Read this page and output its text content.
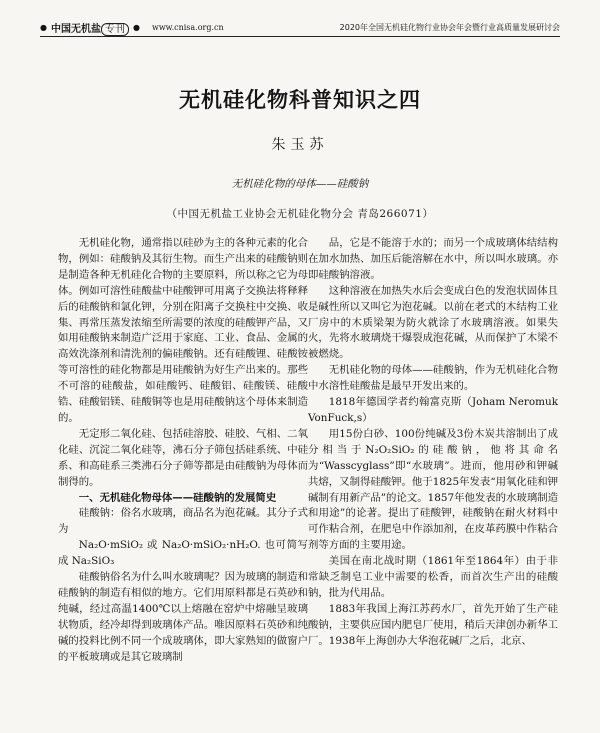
● 中国无机盐 专刊	● www.cnisa.org.cn	2020年全国无机硅化物行业协会年会暨行业高质量发展研讨会
无机硅化物科普知识之四
朱玉苏
无机硅化物的母体——硅酸钠
（中国无机盐工业协会无机硅化物分会 青岛266071）

无机硅化物，通常指以硅砂为主的各种元素的化合物，例如：硅酸钠及其衍生物。而生产出来的硅酸钠则是制造各种无机硅化合物的主要原料，所以称之它为母体。例如可溶性硅酸盐中硅酸钾可用离子交换法将释释后的硅酸钠和氯化钾，分别在阳离子交换柱中交换、收集、再常压蒸发浓缩至所需要的浓度的硅酸钾产品，又如用硅酸钠来制造广泛用于家庭、工业、食品、金属的高效洗涤剂和清洗剂的偏硅酸钠。还有硅酸锂、硅酸铵等可溶性的硅化物都是用硅酸钠为好生产出来的。那些不可溶的硅酸盐，如硅酸钙、硅酸铝、硅酸镁、硅酸锆、硅酸铝镁、硅酸铜等也是用硅酸钠这个母体来制造的。

无定形二氧化硅、包括硅溶胶、硅胶、气相、二氧化硅、沉淀二氧化硅等，沸石分子筛包括硅系统、中硅系、和高硅系三类沸石分子筛等都是由硅酸钠为母体而制得的。

一、无机硅化物母体——硅酸钠的发展简史

硅酸钠：俗名水玻璃，商品名为泡花碱。其分子式为

Na₂O·mSiO₂ 或 Na₂O·mSiO₂·nH₂O. 也可简写成 Na₂SiO₃

硅酸钠俗名为什么叫水玻璃呢？因为玻璃的制造和硅酸钠的制造有相似的地方。它们用原料都是石英砂和纯碱，经过高温1400℃以上熔融在窑炉中熔融呈玻璃状物质，经冷却得到玻璃体产品。唯因原料石英砂和纯碱的投料比例不同一个成玻璃体，即大家熟知的做窗户的平板玻璃或是其它玻璃制

品，它是不能溶于水的；而另一个成玻璃体结结构在加水加热、加压后能溶解在水中，所以叫水玻璃。亦即硅酸钠溶液。

这种溶液在加热失水后会变成白色的发泡状固体且是碱性所以又叫它为泡花碱。以前在老式的木结构工业厂房中的木质梁架为防火就涂了水玻璃溶液。如果失火，先将水玻璃烧干爆裂成泡花碱，从而保护了木梁不被燃烧。

无机硅化物的母体——硅酸钠，作为无机硅化合物中水溶性硅酸盐是最早开发出来的。

1818年德国学者约翰富克斯（Joham Neromuk VonFuck,s）

用15份白砂、100份纯碱及3份木炭共溶制出了成分相当于N₂O₂SiO₂的硅酸钠，他将其命名为“Wasscyglass”即“水玻璃”。进而，他用砂和钾碱共熔，又制得硅酸钾。他于1825年发表“用氧化硅和钾碱制有用新产品”的论文。1857年他发表的水玻璃制造和用途”的论著。提出了硅酸钾，硅酸钠在耐火材料中可作粘合剂，在肥皂中作添加剂，在皮革药膜中作粘合剂等方面的主要用途。

美国在南北战时期（1861年至1864年）由于非常缺乏制皂工业中需要的松香，而首次生产出的硅酸钠，批为代用品。

1883年我国上海江苏药水厂，首先开始了生产硅酸钠，主要供应国内肥皂厂使用，稍后天津创办新华工厂。1938年上海创办大华泡花碱厂之后，北京、
